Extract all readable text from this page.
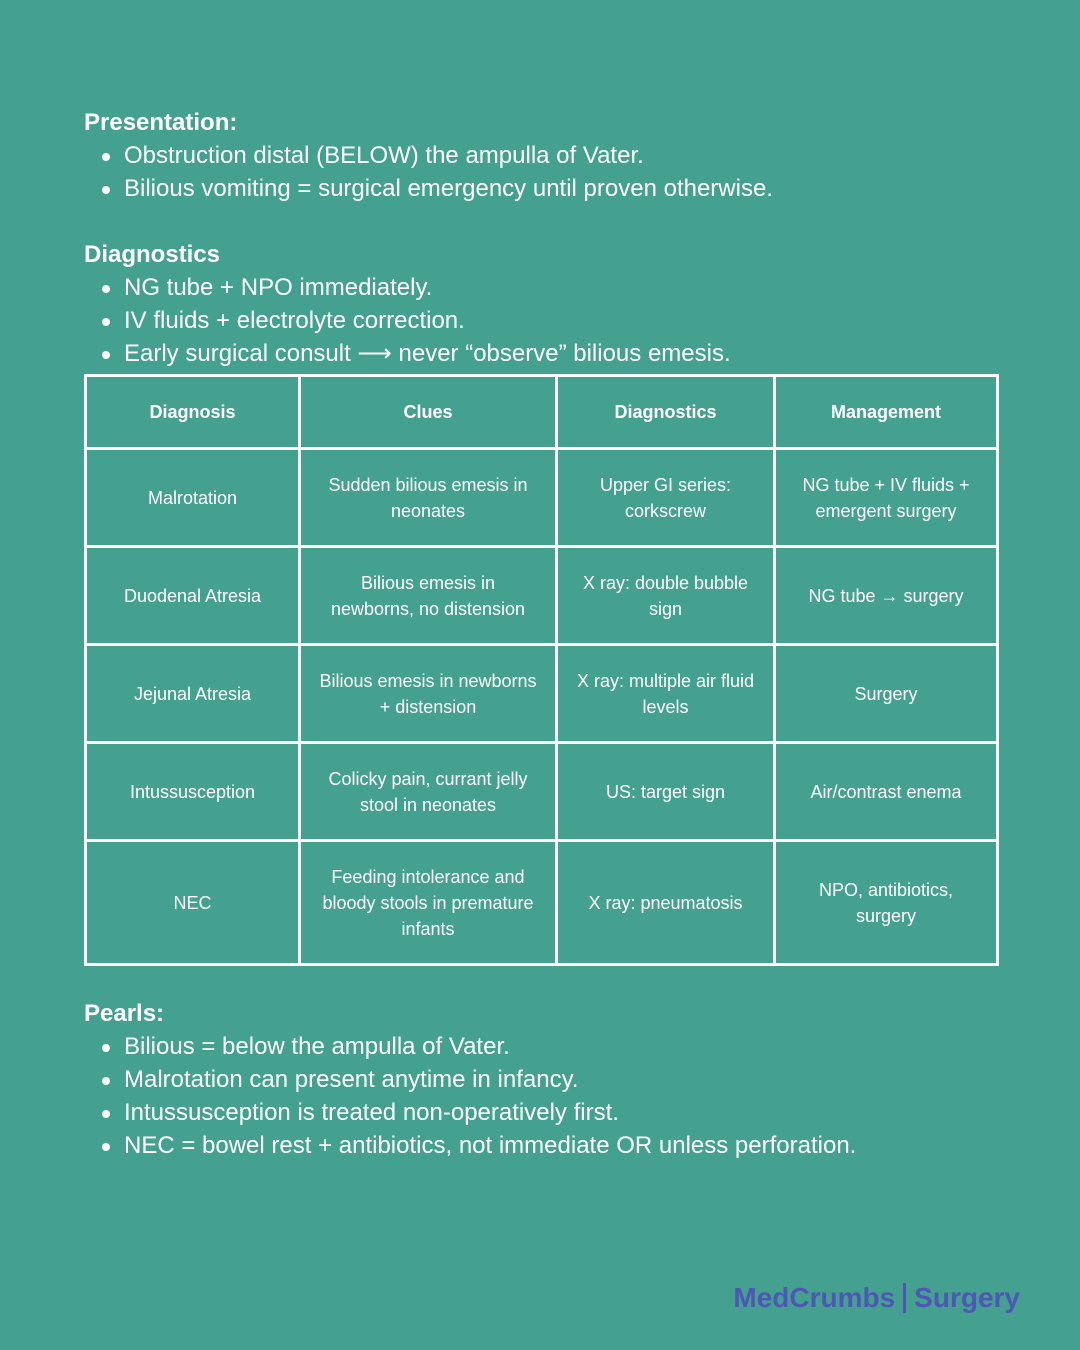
Presentation:

Obstruction distal (BELOW) the ampulla of Vater.
Bilious vomiting = surgical emergency until proven otherwise.

Diagnostics

NG tube + NPO immediately.
IV fluids + electrolyte correction.
Early surgical consult ⟶ never “observe” bilious emesis.
Diagnosis	Clues	Diagnostics	Management
Malrotation	Sudden bilious emesis in neonates	Upper GI series: corkscrew	NG tube + IV fluids + emergent surgery
Duodenal Atresia	Bilious emesis in newborns, no distension	X ray: double bubble sign	NG tube → surgery
Jejunal Atresia	Bilious emesis in newborns + distension	X ray: multiple air fluid levels	Surgery
Intussusception	Colicky pain, currant jelly stool in neonates	US: target sign	Air/contrast enema
NEC	Feeding intolerance and bloody stools in premature infants	X ray: pneumatosis	NPO, antibiotics, surgery

Pearls:

Bilious = below the ampulla of Vater.
Malrotation can present anytime in infancy.
Intussusception is treated non-operatively first.
NEC = bowel rest + antibiotics, not immediate OR unless perforation.
MedCrumbs Surgery
